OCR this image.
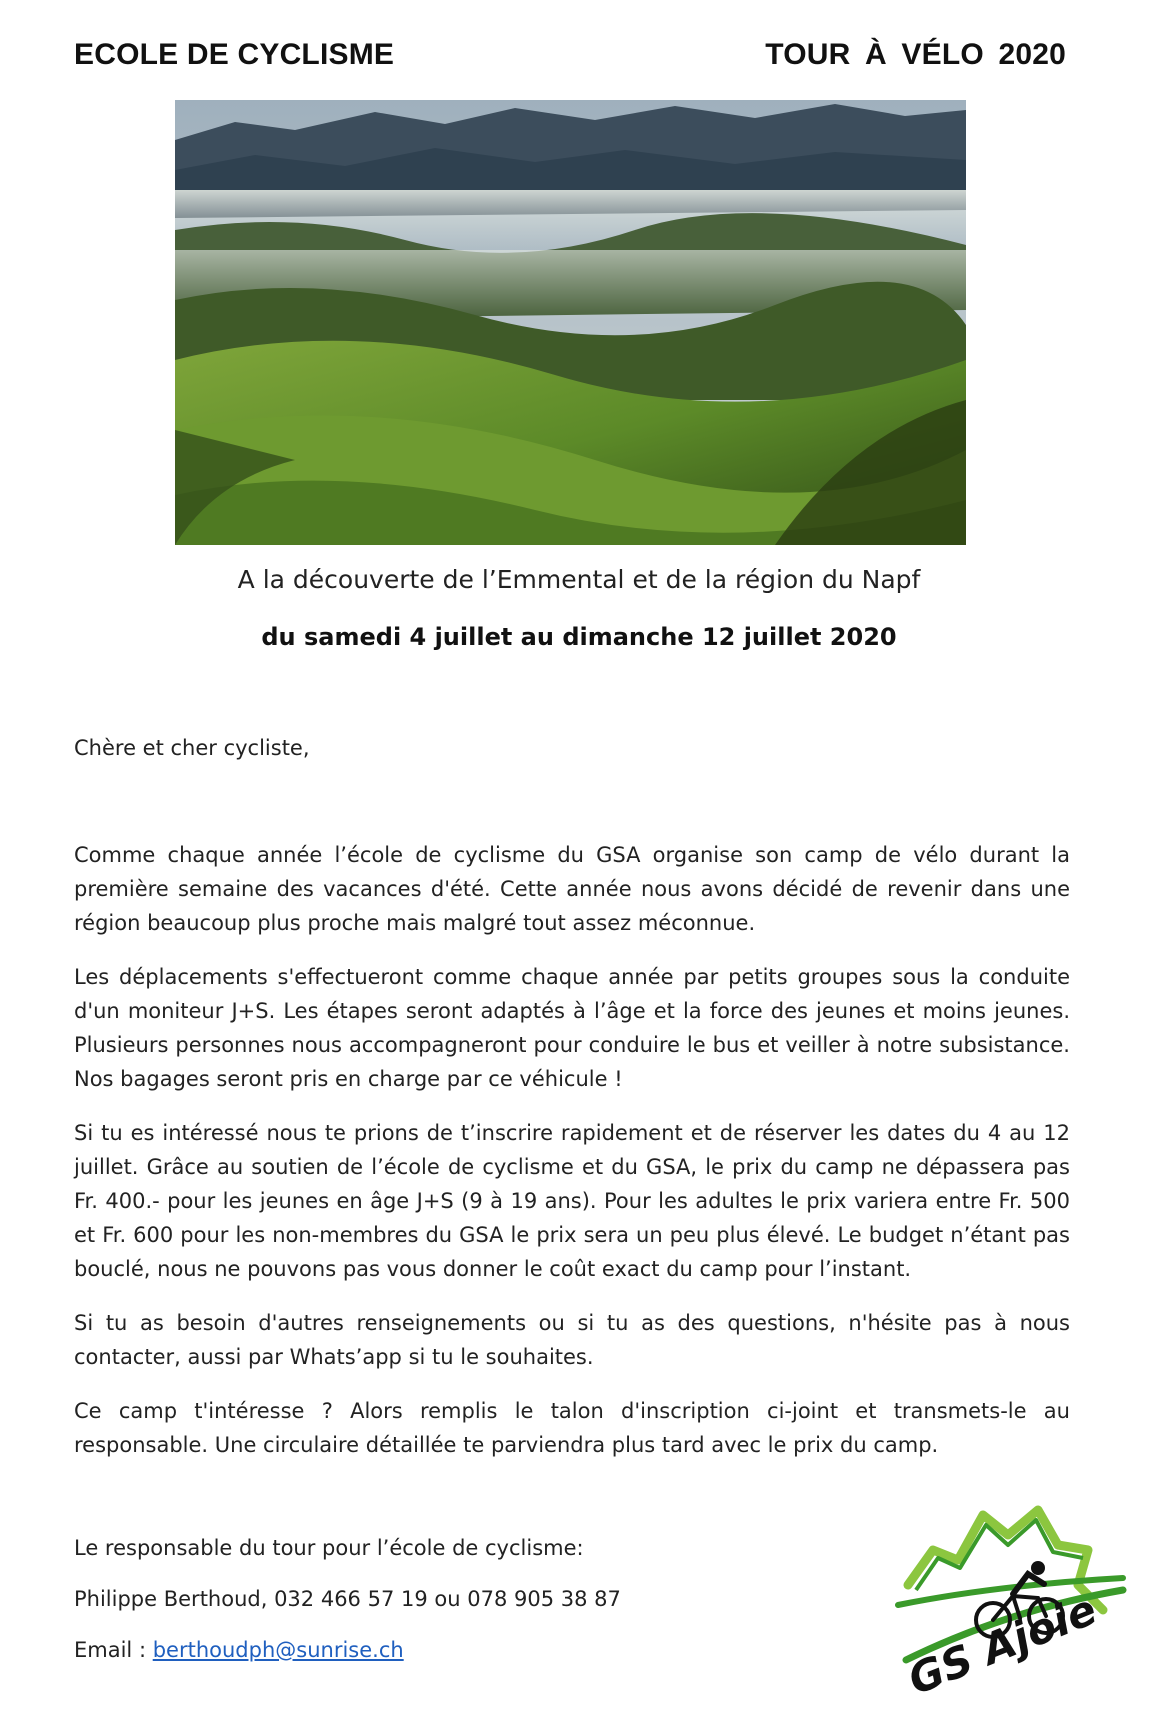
ECOLE DE CYCLISME	TOUR À VÉLO 2020
A la découverte de l’Emmental et de la région du Napf
du samedi 4 juillet au dimanche 12 juillet 2020
Chère et cher cycliste,

Comme chaque année l’école de cyclisme du GSA organise son camp de vélo durant la première semaine des vacances d'été. Cette année nous avons décidé de revenir dans une région beaucoup plus proche mais malgré tout assez méconnue.

Les déplacements s'effectueront comme chaque année par petits groupes sous la conduite d'un moniteur J+S. Les étapes seront adaptés à l’âge et la force des jeunes et moins jeunes. Plusieurs personnes nous accompagneront pour conduire le bus et veiller à notre subsistance. Nos bagages seront pris en charge par ce véhicule !

Si tu es intéressé nous te prions de t’inscrire rapidement et de réserver les dates du 4 au 12 juillet. Grâce au soutien de l’école de cyclisme et du GSA, le prix du camp ne dépassera pas Fr. 400.- pour les jeunes en âge J+S (9 à 19 ans). Pour les adultes le prix variera entre Fr. 500 et Fr. 600 pour les non-membres du GSA le prix sera un peu plus élevé. Le budget n’étant pas bouclé, nous ne pouvons pas vous donner le coût exact du camp pour l’instant.

Si tu as besoin d'autres renseignements ou si tu as des questions, n'hésite pas à nous contacter, aussi par Whats’app si tu le souhaites.

Ce camp t'intéresse ? Alors remplis le talon d'inscription ci-joint et transmets-le au responsable. Une circulaire détaillée te parviendra plus tard avec le prix du camp.

Le responsable du tour pour l’école de cyclisme:
Philippe Berthoud, 032 466 57 19 ou 078 905 38 87
Email : berthoudph@sunrise.ch	GS Ajoie
